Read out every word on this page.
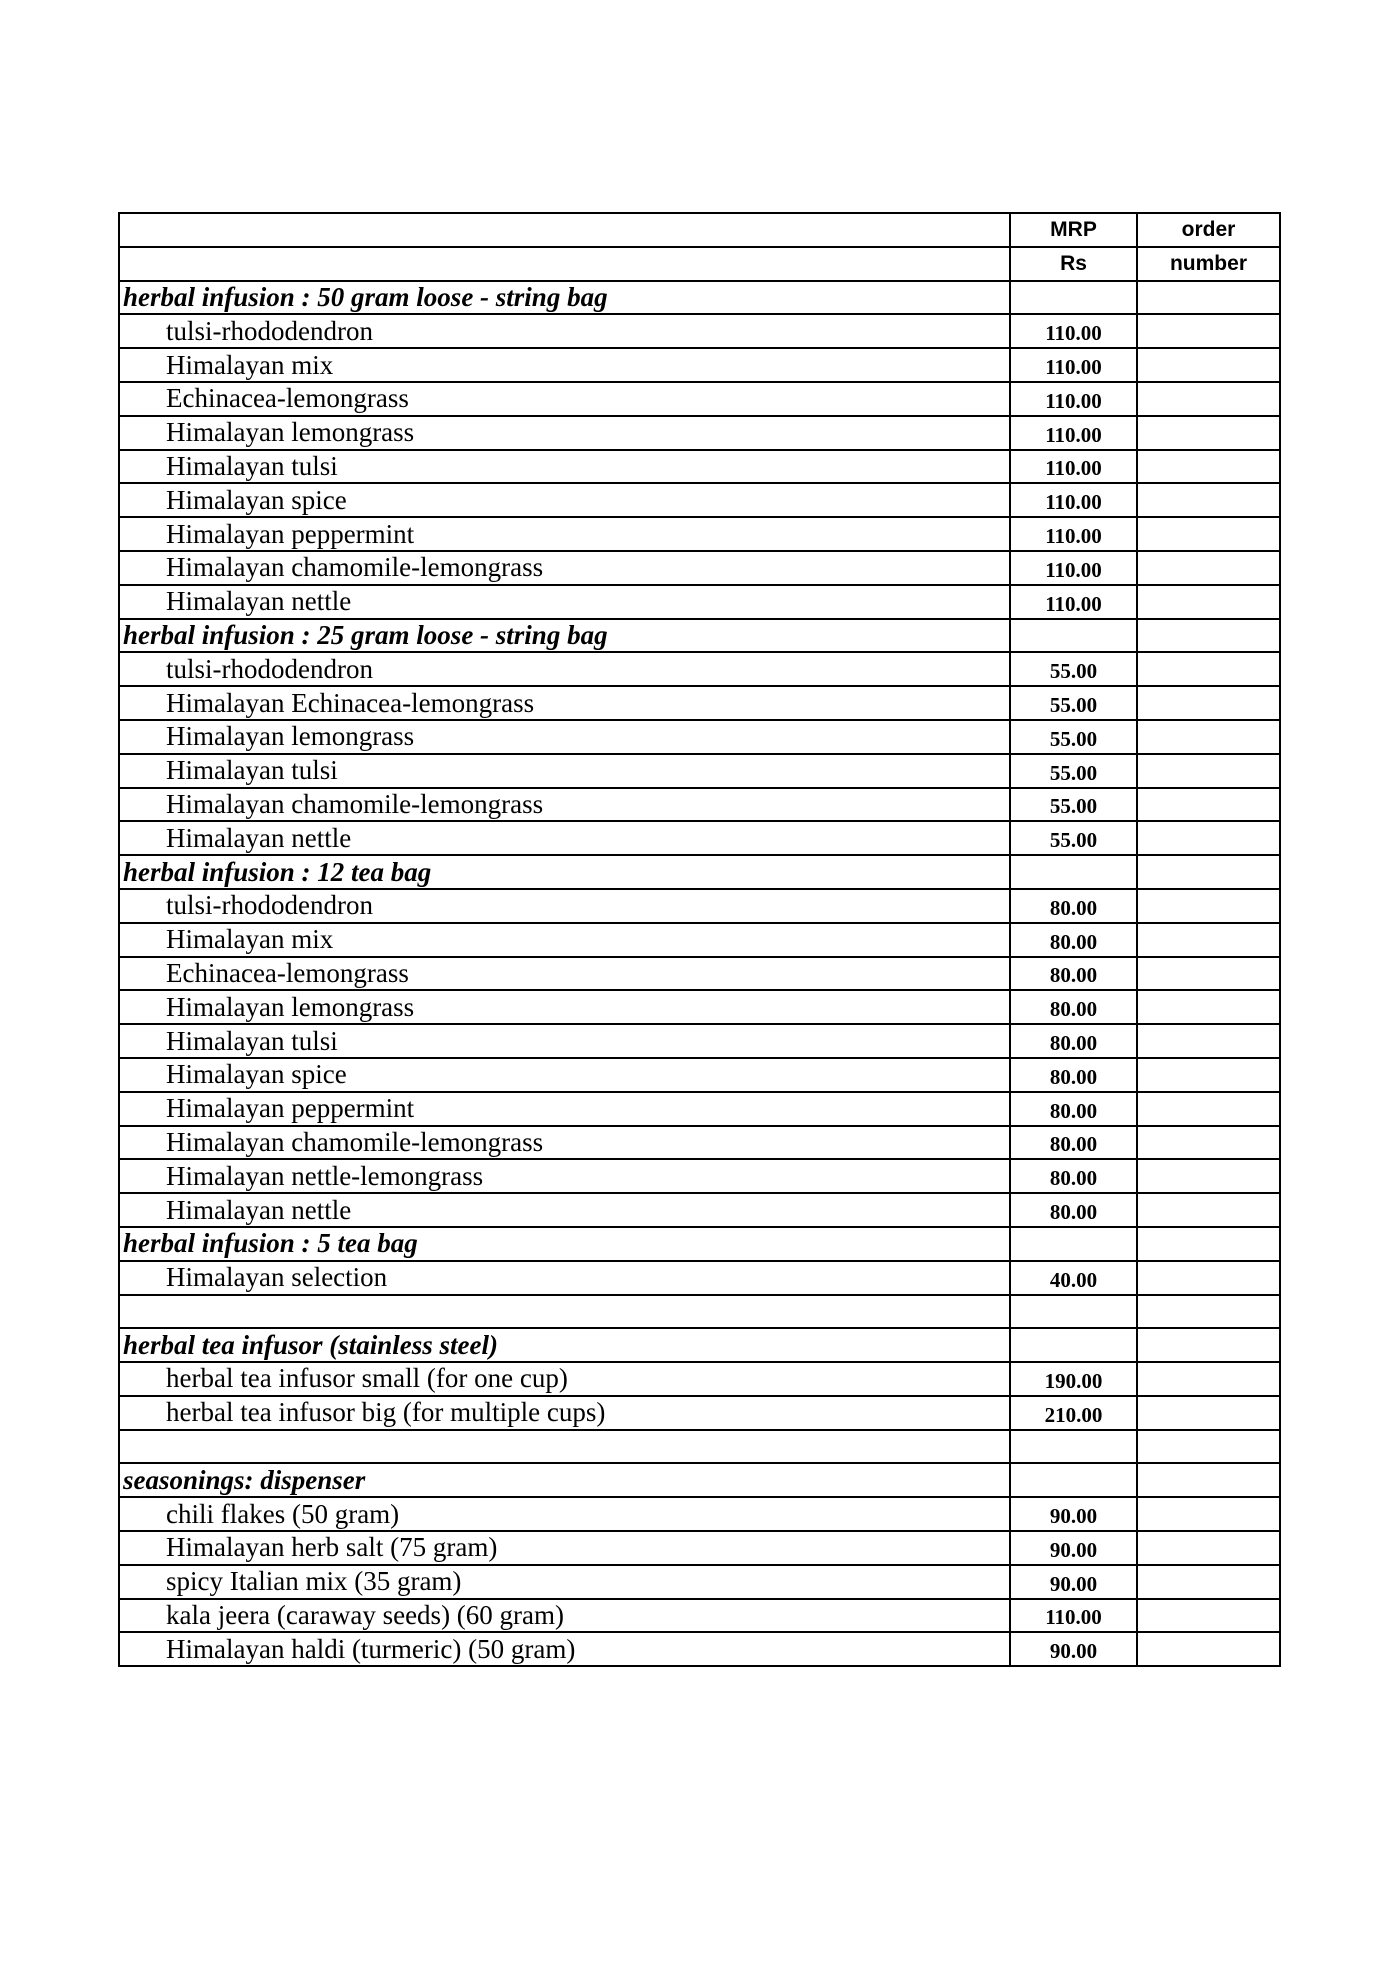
	MRP	order
	Rs	number
herbal infusion : 50 gram loose - string bag		
tulsi-rhododendron	110.00	
Himalayan mix	110.00	
Echinacea-lemongrass	110.00	
Himalayan lemongrass	110.00	
Himalayan tulsi	110.00	
Himalayan spice	110.00	
Himalayan peppermint	110.00	
Himalayan chamomile-lemongrass	110.00	
Himalayan nettle	110.00	
herbal infusion : 25 gram loose - string bag		
tulsi-rhododendron	55.00	
Himalayan Echinacea-lemongrass	55.00	
Himalayan lemongrass	55.00	
Himalayan tulsi	55.00	
Himalayan chamomile-lemongrass	55.00	
Himalayan nettle	55.00	
herbal infusion : 12 tea bag		
tulsi-rhododendron	80.00	
Himalayan mix	80.00	
Echinacea-lemongrass	80.00	
Himalayan lemongrass	80.00	
Himalayan tulsi	80.00	
Himalayan spice	80.00	
Himalayan peppermint	80.00	
Himalayan chamomile-lemongrass	80.00	
Himalayan nettle-lemongrass	80.00	
Himalayan nettle	80.00	
herbal infusion : 5 tea bag		
Himalayan selection	40.00	

herbal tea infusor (stainless steel)		
herbal tea infusor small (for one cup)	190.00	
herbal tea infusor big (for multiple cups)	210.00	

seasonings: dispenser		
chili flakes (50 gram)	90.00	
Himalayan herb salt (75 gram)	90.00	
spicy Italian mix (35 gram)	90.00	
kala jeera (caraway seeds) (60 gram)	110.00	
Himalayan haldi (turmeric) (50 gram)	90.00	
